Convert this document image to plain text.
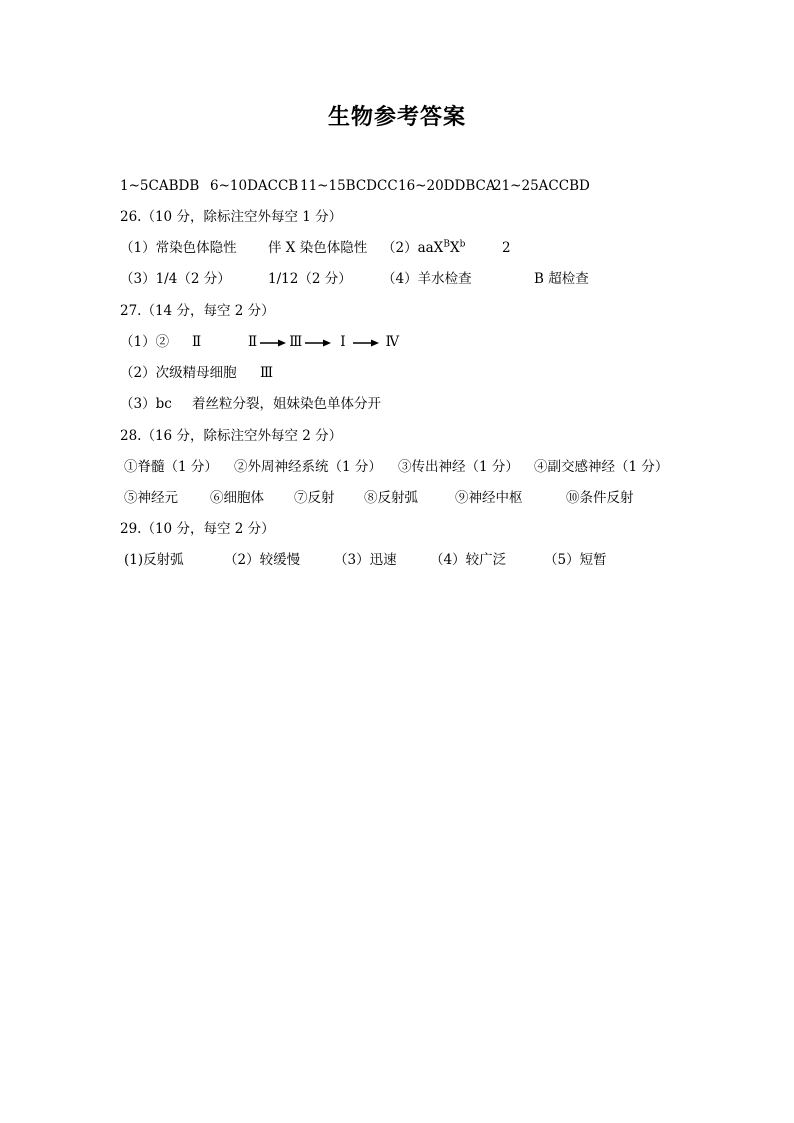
生物参考答案
1~5CABDB 6~10DACCB 11~15BCDCC 16~20DDBCA
21~25ACCBD
26.（10 分，除标注空外每空 1 分）
（1）常染色体隐性 伴 X 染色体隐性 $(2)aaX^BX^b$	2
（3）1/4（2 分）	1/12（2 分） （4）羊水检查	B 超检查
27.（14 分，每空 2 分）
（1）② Ⅱ	Ⅱ Ⅲ	Ⅰ	Ⅳ
（2）次级精母细胞 Ⅲ
（3）bc 着丝粒分裂，姐妹染色单体分开
28.（16 分，除标注空外每空 2 分）
①脊髓（1 分） ②外周神经系统（1 分） ③传出神经（1 分） ④副交感神经（1 分）
⑤神经元 ⑥细胞体 ⑦反射 ⑧反射弧	⑨神经中枢	⑩条件反射
29.（10 分，每空 2 分）
(1)反射弧	（2）较缓慢	（3）迅速 （4）较广泛	（5）短暂
